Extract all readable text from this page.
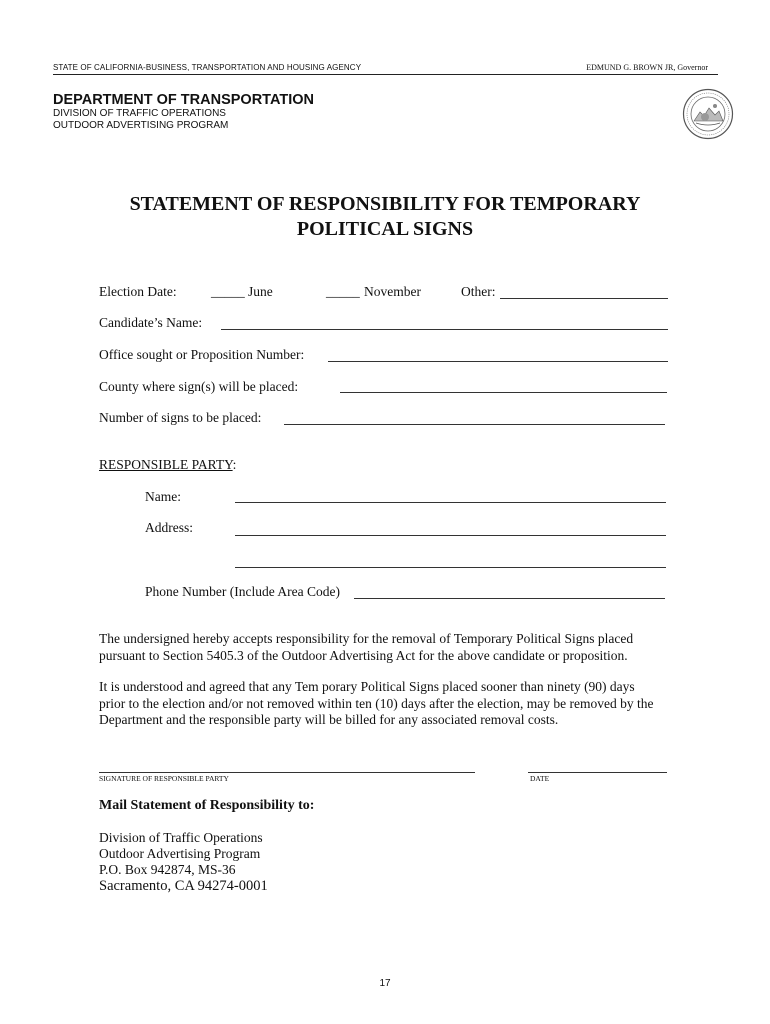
STATE OF CALIFORNIA-BUSINESS, TRANSPORTATION AND HOUSING AGENCY	EDMUND G. BROWN JR, Governor
DEPARTMENT OF TRANSPORTATION
DIVISION OF TRAFFIC OPERATIONS
OUTDOOR ADVERTISING PROGRAM
STATEMENT OF RESPONSIBILITY FOR TEMPORARY
POLITICAL SIGNS
Election Date:	_____ June	_____ November	Other:
Candidate’s Name:
Office sought or Proposition Number:
County where sign(s) will be placed:
Number of signs to be placed:
RESPONSIBLE PARTY:
Name:
Address:
Phone Number (Include Area Code)
The undersigned hereby accepts responsibility for the removal of Temporary Political Signs placed
pursuant to Section 5405.3 of the Outdoor Advertising Act for the above candidate or proposition.
It is understood and agreed that any Tem porary Political Signs placed sooner than ninety (90) days
prior to the election and/or not removed within ten (10) days after the election, may be removed by the
Department and the responsible party will be billed for any associated removal costs.
SIGNATURE OF RESPONSIBLE PARTY	DATE
Mail Statement of Responsibility to:
Division of Traffic Operations
Outdoor Advertising Program
P.O. Box 942874, MS-36
Sacramento, CA 94274-0001
17
